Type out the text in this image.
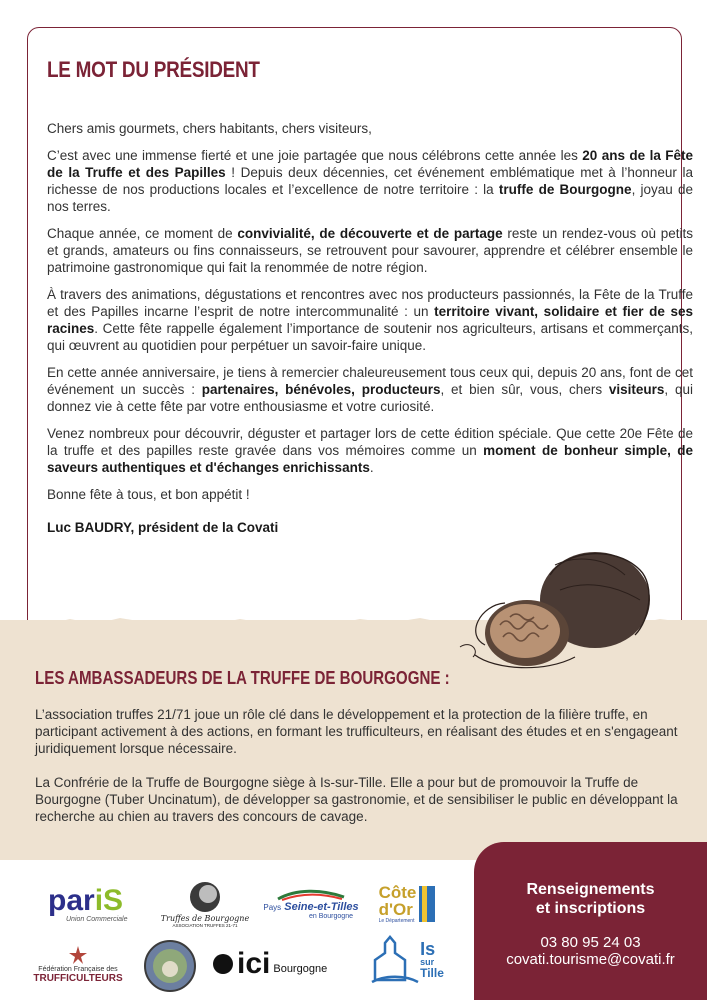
LE MOT DU PRÉSIDENT

Chers amis gourmets, chers habitants, chers visiteurs,

C’est avec une immense fierté et une joie partagée que nous célébrons cette année les 20 ans de la Fête de la Truffe et des Papilles ! Depuis deux décennies, cet événement emblématique met à l’honneur la richesse de nos productions locales et l’excellence de notre territoire : la truffe de Bourgogne, joyau de nos terres.

Chaque année, ce moment de convivialité, de découverte et de partage reste un rendez-vous où petits et grands, amateurs ou fins connaisseurs, se retrouvent pour savourer, apprendre et célébrer ensemble le patrimoine gastronomique qui fait la renommée de notre région.

À travers des animations, dégustations et rencontres avec nos producteurs passionnés, la Fête de la Truffe et des Papilles incarne l’esprit de notre intercommunalité : un territoire vivant, solidaire et fier de ses racines. Cette fête rappelle également l’importance de soutenir nos agriculteurs, artisans et commerçants, qui œuvrent au quotidien pour perpétuer un savoir-faire unique.

En cette année anniversaire, je tiens à remercier chaleureusement tous ceux qui, depuis 20 ans, font de cet événement un succès : partenaires, bénévoles, producteurs, et bien sûr, vous, chers visiteurs, qui donnez vie à cette fête par votre enthousiasme et votre curiosité.

Venez nombreux pour découvrir, déguster et partager lors de cette édition spéciale. Que cette 20e Fête de la truffe et des papilles reste gravée dans vos mémoires comme un moment de bonheur simple, de saveurs authentiques et d'échanges enrichissants.

Bonne fête à tous, et bon appétit !

Luc BAUDRY, président de la Covati

LES AMBASSADEURS DE LA TRUFFE DE BOURGOGNE :

L’association truffes 21/71 joue un rôle clé dans le développement et la protection de la filière truffe, en participant activement à des actions, en formant les trufficulteurs, en réalisant des études et en s'engageant juridiquement lorsque nécessaire.

La Confrérie de la Truffe de Bourgogne siège à Is-sur-Tille. Elle a pour but de promouvoir la Truffe de Bourgogne (Tuber Uncinatum), de développer sa gastronomie, et de sensibiliser le public en développant la recherche au chien au travers des concours de cavage.

pariS
Union Commerciale	Truffes de Bourgogne
ASSOCIATION TRUFFES 21-71
Pays Seine-et-Tilles
en Bourgogne
Côte
d'Or
Le Département
Fédération Française des
TRUFFICULTEURS	ici Bourgogne
Is
sur
Tille
Renseignements
et inscriptions
03 80 95 24 03
covati.tourisme@covati.fr
